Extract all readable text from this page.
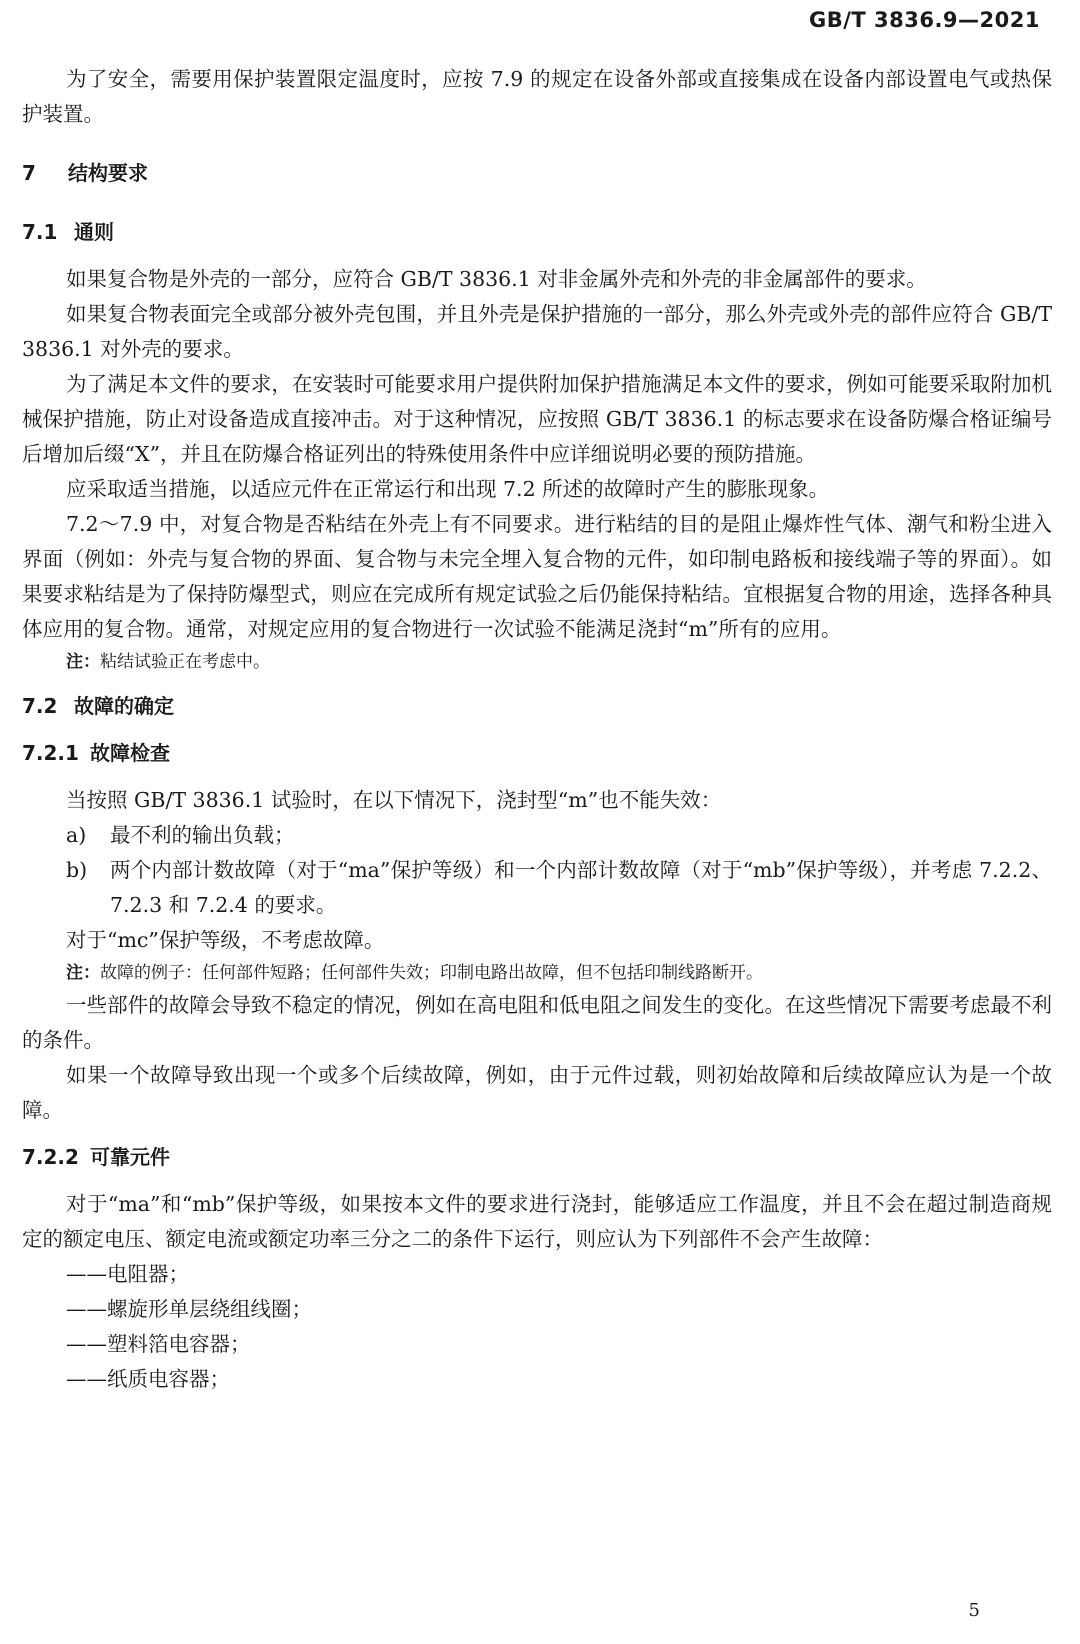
GB/T 3836.9—2021

为了安全，需要用保护装置限定温度时，应按 7.9 的规定在设备外部或直接集成在设备内部设置电气或热保护装置。

7 结构要求
7.1 通则

如果复合物是外壳的一部分，应符合 GB/T 3836.1 对非金属外壳和外壳的非金属部件的要求。

如果复合物表面完全或部分被外壳包围，并且外壳是保护措施的一部分，那么外壳或外壳的部件应符合 GB/T 3836.1 对外壳的要求。

为了满足本文件的要求，在安装时可能要求用户提供附加保护措施满足本文件的要求，例如可能要采取附加机械保护措施，防止对设备造成直接冲击。对于这种情况，应按照 GB/T 3836.1 的标志要求在设备防爆合格证编号后增加后缀“X”，并且在防爆合格证列出的特殊使用条件中应详细说明必要的预防措施。

应采取适当措施，以适应元件在正常运行和出现 7.2 所述的故障时产生的膨胀现象。

7.2～7.9 中，对复合物是否粘结在外壳上有不同要求。进行粘结的目的是阻止爆炸性气体、潮气和粉尘进入界面（例如：外壳与复合物的界面、复合物与未完全埋入复合物的元件，如印制电路板和接线端子等的界面）。如果要求粘结是为了保持防爆型式，则应在完成所有规定试验之后仍能保持粘结。宜根据复合物的用途，选择各种具体应用的复合物。通常，对规定应用的复合物进行一次试验不能满足浇封“m”所有的应用。

注：粘结试验正在考虑中。

7.2 故障的确定
7.2.1 故障检查

当按照 GB/T 3836.1 试验时，在以下情况下，浇封型“m”也不能失效：

a)	最不利的输出负载；
b)	两个内部计数故障（对于“ma”保护等级）和一个内部计数故障（对于“mb”保护等级），并考虑 7.2.2、7.2.3 和 7.2.4 的要求。

对于“mc”保护等级，不考虑故障。

注：故障的例子：任何部件短路；任何部件失效；印制电路出故障，但不包括印制线路断开。

一些部件的故障会导致不稳定的情况，例如在高电阻和低电阻之间发生的变化。在这些情况下需要考虑最不利的条件。

如果一个故障导致出现一个或多个后续故障，例如，由于元件过载，则初始故障和后续故障应认为是一个故障。

7.2.2 可靠元件

对于“ma”和“mb”保护等级，如果按本文件的要求进行浇封，能够适应工作温度，并且不会在超过制造商规定的额定电压、额定电流或额定功率三分之二的条件下运行，则应认为下列部件不会产生故障：

——电阻器；

——螺旋形单层绕组线圈；

——塑料箔电容器；

——纸质电容器；

5
